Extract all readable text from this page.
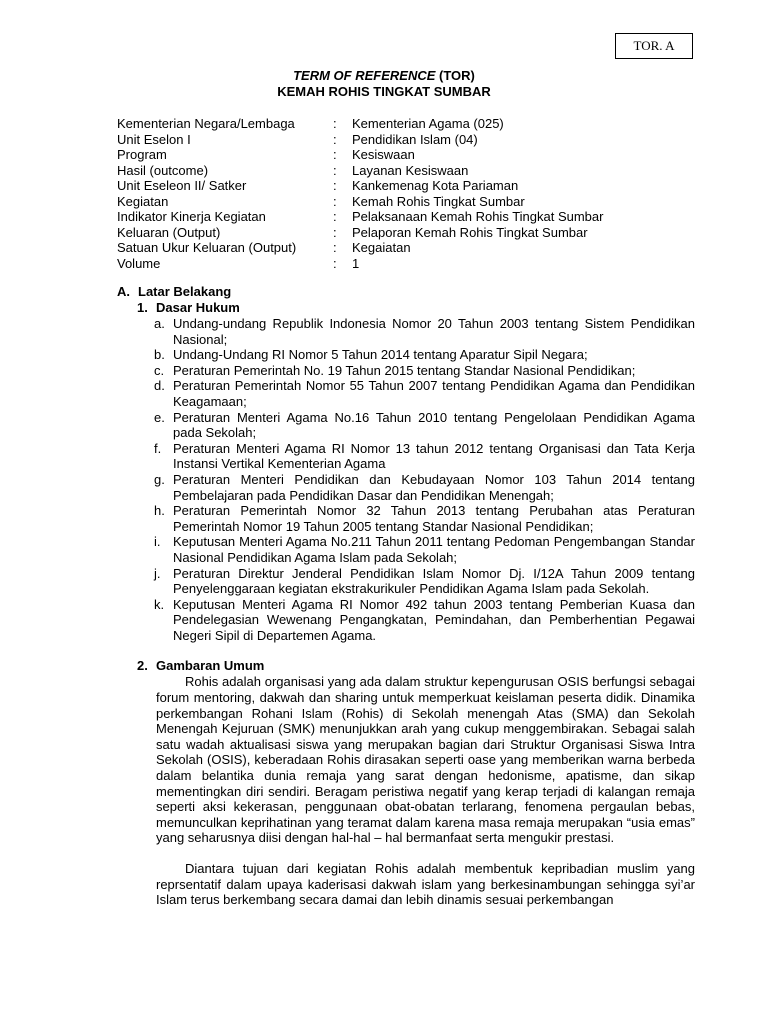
TOR. A
TERM OF REFERENCE (TOR)
KEMAH ROHIS TINGKAT SUMBAR
Kementerian Negara/Lembaga	: Kementerian Agama (025)
Unit Eselon I	: Pendidikan Islam (04)
Program	: Kesiswaan
Hasil (outcome)	: Layanan Kesiswaan
Unit Eseleon II/ Satker	: Kankemenag Kota Pariaman
Kegiatan	: Kemah Rohis Tingkat Sumbar
Indikator Kinerja Kegiatan	: Pelaksanaan Kemah Rohis Tingkat Sumbar
Keluaran (Output)	: Pelaporan Kemah Rohis Tingkat Sumbar
Satuan Ukur Keluaran (Output)	: Kegaiatan
Volume	: 1
A. Latar Belakang
1. Dasar Hukum
a. Undang-undang Republik Indonesia Nomor 20 Tahun 2003 tentang Sistem Pendidikan Nasional;
b. Undang-Undang RI Nomor 5 Tahun 2014 tentang Aparatur Sipil Negara;
c. Peraturan Pemerintah No. 19 Tahun 2015 tentang Standar Nasional Pendidikan;
d. Peraturan Pemerintah Nomor 55 Tahun 2007 tentang Pendidikan Agama dan Pendidikan Keagamaan;
e. Peraturan Menteri Agama No.16 Tahun 2010 tentang Pengelolaan Pendidikan Agama pada Sekolah;
f. Peraturan Menteri Agama RI Nomor 13 tahun 2012 tentang Organisasi dan Tata Kerja Instansi Vertikal Kementerian Agama
g. Peraturan Menteri Pendidikan dan Kebudayaan Nomor 103 Tahun 2014 tentang Pembelajaran pada Pendidikan Dasar dan Pendidikan Menengah;
h. Peraturan Pemerintah Nomor 32 Tahun 2013 tentang Perubahan atas Peraturan Pemerintah Nomor 19 Tahun 2005 tentang Standar Nasional Pendidikan;
i. Keputusan Menteri Agama No.211 Tahun 2011 tentang Pedoman Pengembangan Standar Nasional Pendidikan Agama Islam pada Sekolah;
j. Peraturan Direktur Jenderal Pendidikan Islam Nomor Dj. I/12A Tahun 2009 tentang Penyelenggaraan kegiatan ekstrakurikuler Pendidikan Agama Islam pada Sekolah.
k. Keputusan Menteri Agama RI Nomor 492 tahun 2003 tentang Pemberian Kuasa dan Pendelegasian Wewenang Pengangkatan, Pemindahan, dan Pemberhentian Pegawai Negeri Sipil di Departemen Agama.
2. Gambaran Umum
Rohis adalah organisasi yang ada dalam struktur kepengurusan OSIS berfungsi sebagai forum mentoring, dakwah dan sharing untuk memperkuat keislaman peserta didik. Dinamika perkembangan Rohani Islam (Rohis) di Sekolah menengah Atas (SMA) dan Sekolah Menengah Kejuruan (SMK) menunjukkan arah yang cukup menggembirakan. Sebagai salah satu wadah aktualisasi siswa yang merupakan bagian dari Struktur Organisasi Siswa Intra Sekolah (OSIS), keberadaan Rohis dirasakan seperti oase yang memberikan warna berbeda dalam belantika dunia remaja yang sarat dengan hedonisme, apatisme, dan sikap mementingkan diri sendiri. Beragam peristiwa negatif yang kerap terjadi di kalangan remaja seperti aksi kekerasan, penggunaan obat-obatan terlarang, fenomena pergaulan bebas, memunculkan keprihatinan yang teramat dalam karena masa remaja merupakan “usia emas” yang seharusnya diisi dengan hal-hal – hal bermanfaat serta mengukir prestasi.
Diantara tujuan dari kegiatan Rohis adalah membentuk kepribadian muslim yang reprsentatif dalam upaya kaderisasi dakwah islam yang berkesinambungan sehingga syi’ar Islam terus berkembang secara damai dan lebih dinamis sesuai perkembangan
